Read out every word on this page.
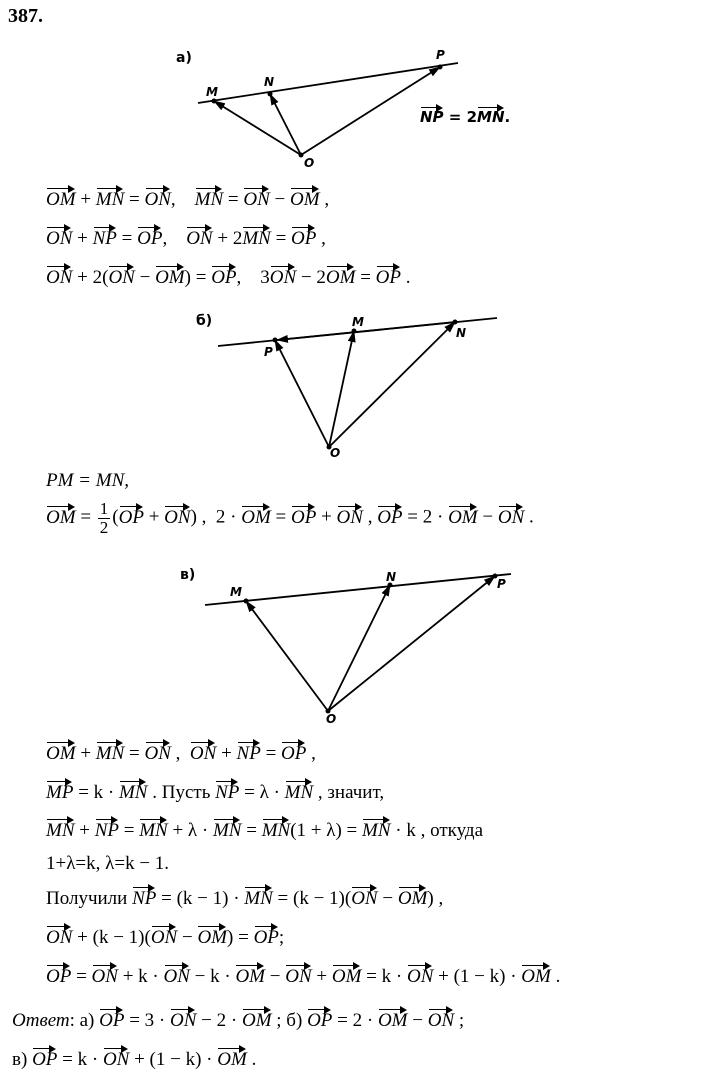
387.
а)
M
N
P
O
NP = 2MN.
б)
P
M
N
O
в)
M
N	P
O
OM + MN = ON, MN = ON − OM ,
ON + NP = OP, ON + 2MN = OP ,
ON + 2(ON − OM) = OP, 3ON − 2OM = OP .
PM = MN,
OM = $\frac{1}{2} (OP + ON)$ , 2 · OM = OP + ON , OP = 2 · OM − ON .
OM + MN = ON , ON + NP = OP ,
MP = k · MN . Пусть NP = λ · MN , значит,
MN + NP = MN + λ · MN = MN(1 + λ) = MN · k , откуда
1+λ=k, λ=k − 1.
Получили NP = (k − 1) · MN = (k − 1)(ON − OM) ,
ON + (k − 1)(ON − OM) = OP;
OP = ON + k · ON − k · OM − ON + OM = k · ON + (1 − k) · OM .
Ответ: а) OP = 3 · ON − 2 · OM ; б) OP = 2 · OM − ON ;
в) OP = k · ON + (1 − k) · OM .
